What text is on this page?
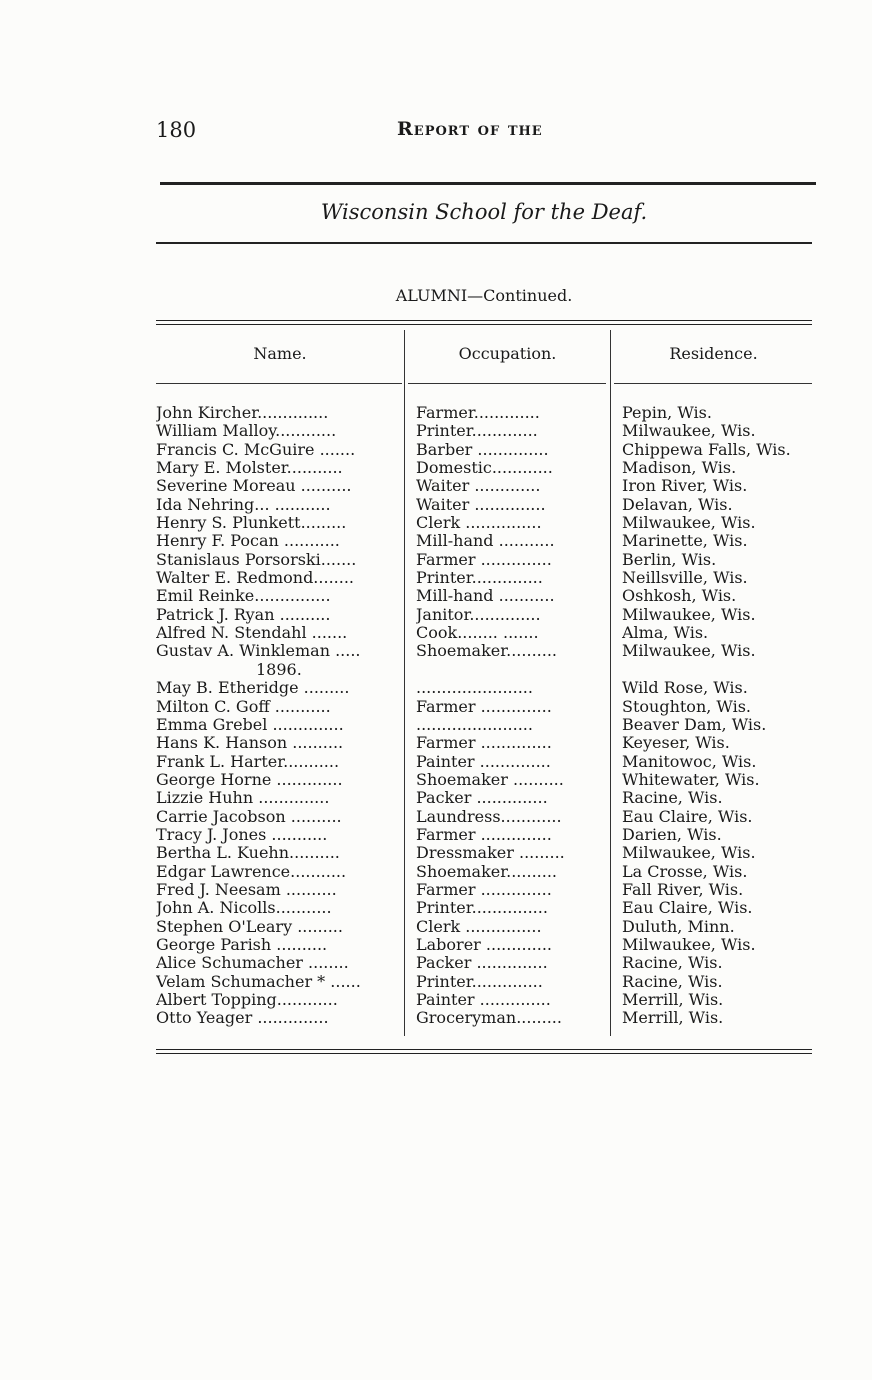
180	Report of the
Wisconsin School for the Deaf.
ALUMNI—Continued.
Name.	Occupation.	Residence.
John Kircher..............	Farmer.............	Pepin, Wis.
William Malloy............	Printer.............	Milwaukee, Wis.
Francis C. McGuire .......	Barber ..............	Chippewa Falls, Wis.
Mary E. Molster...........	Domestic............	Madison, Wis.
Severine Moreau ..........	Waiter .............	Iron River, Wis.
Ida Nehring... ...........	Waiter ..............	Delavan, Wis.
Henry S. Plunkett.........	Clerk ...............	Milwaukee, Wis.
Henry F. Pocan ...........	Mill-hand ...........	Marinette, Wis.
Stanislaus Porsorski.......	Farmer ..............	Berlin, Wis.
Walter E. Redmond........	Printer..............	Neillsville, Wis.
Emil Reinke...............	Mill-hand ...........	Oshkosh, Wis.
Patrick J. Ryan ..........	Janitor..............	Milwaukee, Wis.
Alfred N. Stendahl .......	Cook........ .......	Alma, Wis.
Gustav A. Winkleman .....	Shoemaker..........	Milwaukee, Wis.
1896.
May B. Etheridge .........	.......................	Wild Rose, Wis.
Milton C. Goff ...........	Farmer ..............	Stoughton, Wis.
Emma Grebel ..............	.......................	Beaver Dam, Wis.
Hans K. Hanson ..........	Farmer ..............	Keyeser, Wis.
Frank L. Harter...........	Painter ..............	Manitowoc, Wis.
George Horne .............	Shoemaker ..........	Whitewater, Wis.
Lizzie Huhn ..............	Packer ..............	Racine, Wis.
Carrie Jacobson ..........	Laundress............	Eau Claire, Wis.
Tracy J. Jones ...........	Farmer ..............	Darien, Wis.
Bertha L. Kuehn..........	Dressmaker .........	Milwaukee, Wis.
Edgar Lawrence...........	Shoemaker..........	La Crosse, Wis.
Fred J. Neesam ..........	Farmer ..............	Fall River, Wis.
John A. Nicolls...........	Printer...............	Eau Claire, Wis.
Stephen O'Leary .........	Clerk ...............	Duluth, Minn.
George Parish ..........	Laborer .............	Milwaukee, Wis.
Alice Schumacher ........	Packer ..............	Racine, Wis.
Velam Schumacher * ......	Printer..............	Racine, Wis.
Albert Topping............	Painter ..............	Merrill, Wis.
Otto Yeager ..............	Groceryman.........	Merrill, Wis.
